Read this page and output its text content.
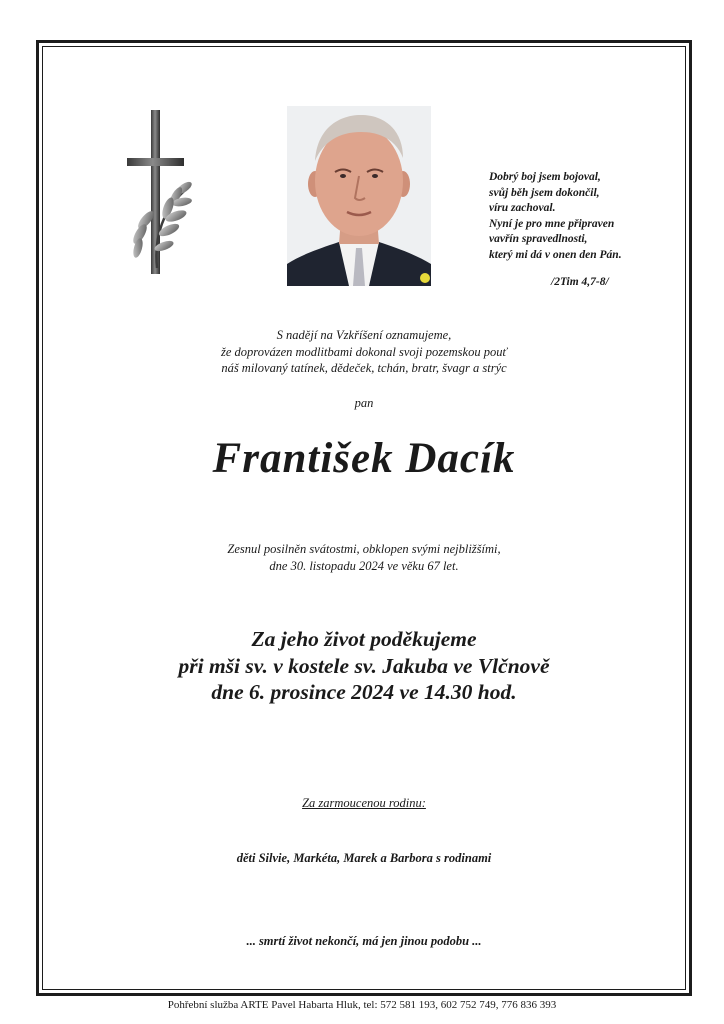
Dobrý boj jsem bojoval,
svůj běh jsem dokončil,
víru zachoval.
Nyní je pro mne připraven
vavřín spravedlnosti,
který mi dá v onen den Pán.
/2Tim 4,7-8/
S nadějí na Vzkříšení oznamujeme,
že doprovázen modlitbami dokonal svoji pozemskou pouť
náš milovaný tatínek, dědeček, tchán, bratr, švagr a strýc
pan
František Dacík
Zesnul posilněn svátostmi, obklopen svými nejbližšími,
dne 30. listopadu 2024 ve věku 67 let.
Za jeho život poděkujeme
při mši sv. v kostele sv. Jakuba ve Vlčnově
dne 6. prosince 2024 ve 14.30 hod.
Za zarmoucenou rodinu:
děti Silvie, Markéta, Marek a Barbora s rodinami
... smrtí život nekončí, má jen jinou podobu ...
Pohřební služba ARTE Pavel Habarta Hluk, tel: 572 581 193, 602 752 749, 776 836 393
